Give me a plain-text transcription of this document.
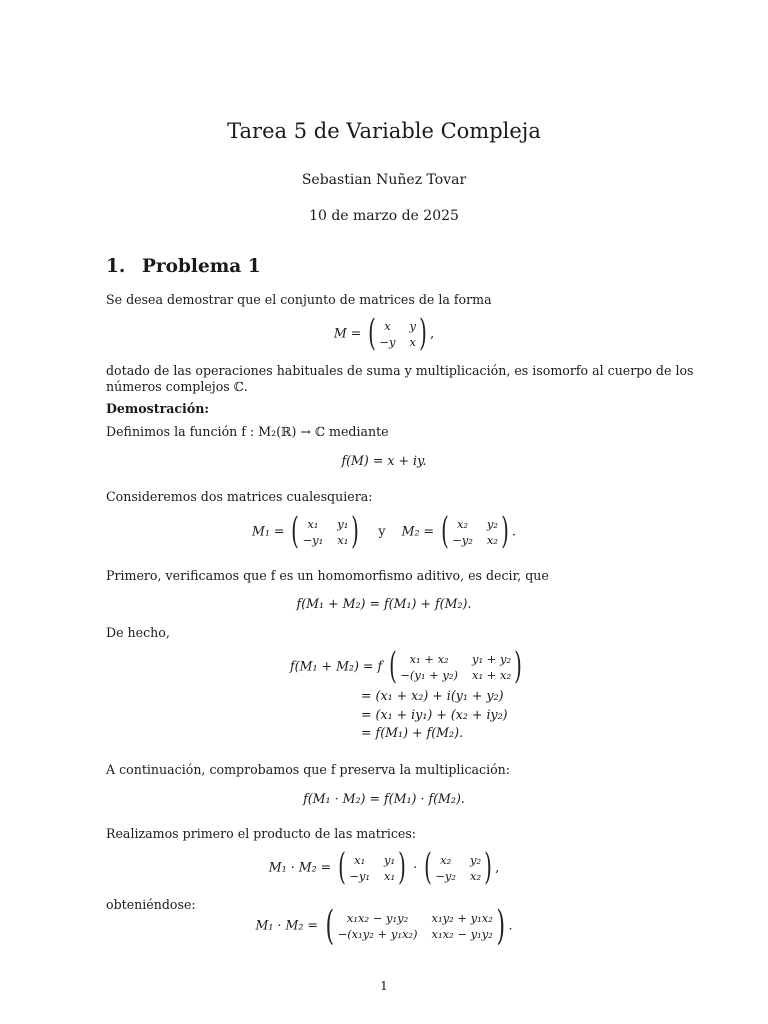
Tarea 5 de Variable Compleja
Sebastian Nuñez Tovar
10 de marzo de 2025
1. Problema 1
Se desea demostrar que el conjunto de matrices de la forma
M = ( x	y
−y x ) ,
dotado de las operaciones habituales de suma y multiplicación, es isomorfo al cuerpo de los números complejos ℂ.
Demostración:
Definimos la función f : M₂(ℝ) → ℂ mediante
f(M) = x + iy.
Consideremos dos matrices cualesquiera:
M₁ = ( x₁	y₁
−y₁ x₁ ) y M₂ = ( x₂	y₂
−y₂ x₂ ) .
Primero, verificamos que f es un homomorfismo aditivo, es decir, que
f(M₁ + M₂) = f(M₁) + f(M₂).
De hecho,
f(M₁ + M₂) = f (	x₁ + x₂	y₁ + y₂
−(y₁ + y₂) x₁ + x₂ )
= (x₁ + x₂) + i(y₁ + y₂)
= (x₁ + iy₁) + (x₂ + iy₂)
= f(M₁) + f(M₂).
A continuación, comprobamos que f preserva la multiplicación:
f(M₁ · M₂) = f(M₁) · f(M₂).
Realizamos primero el producto de las matrices:
M₁ · M₂ = ( x₁	y₁
−y₁ x₁ ) · ( x₂	y₂
−y₂ x₂ ) ,
obteniéndose:
M₁ · M₂ = (	x₁x₂ − y₁y₂	x₁y₂ + y₁x₂
−(x₁y₂ + y₁x₂) x₁x₂ − y₁y₂ ) .
1
